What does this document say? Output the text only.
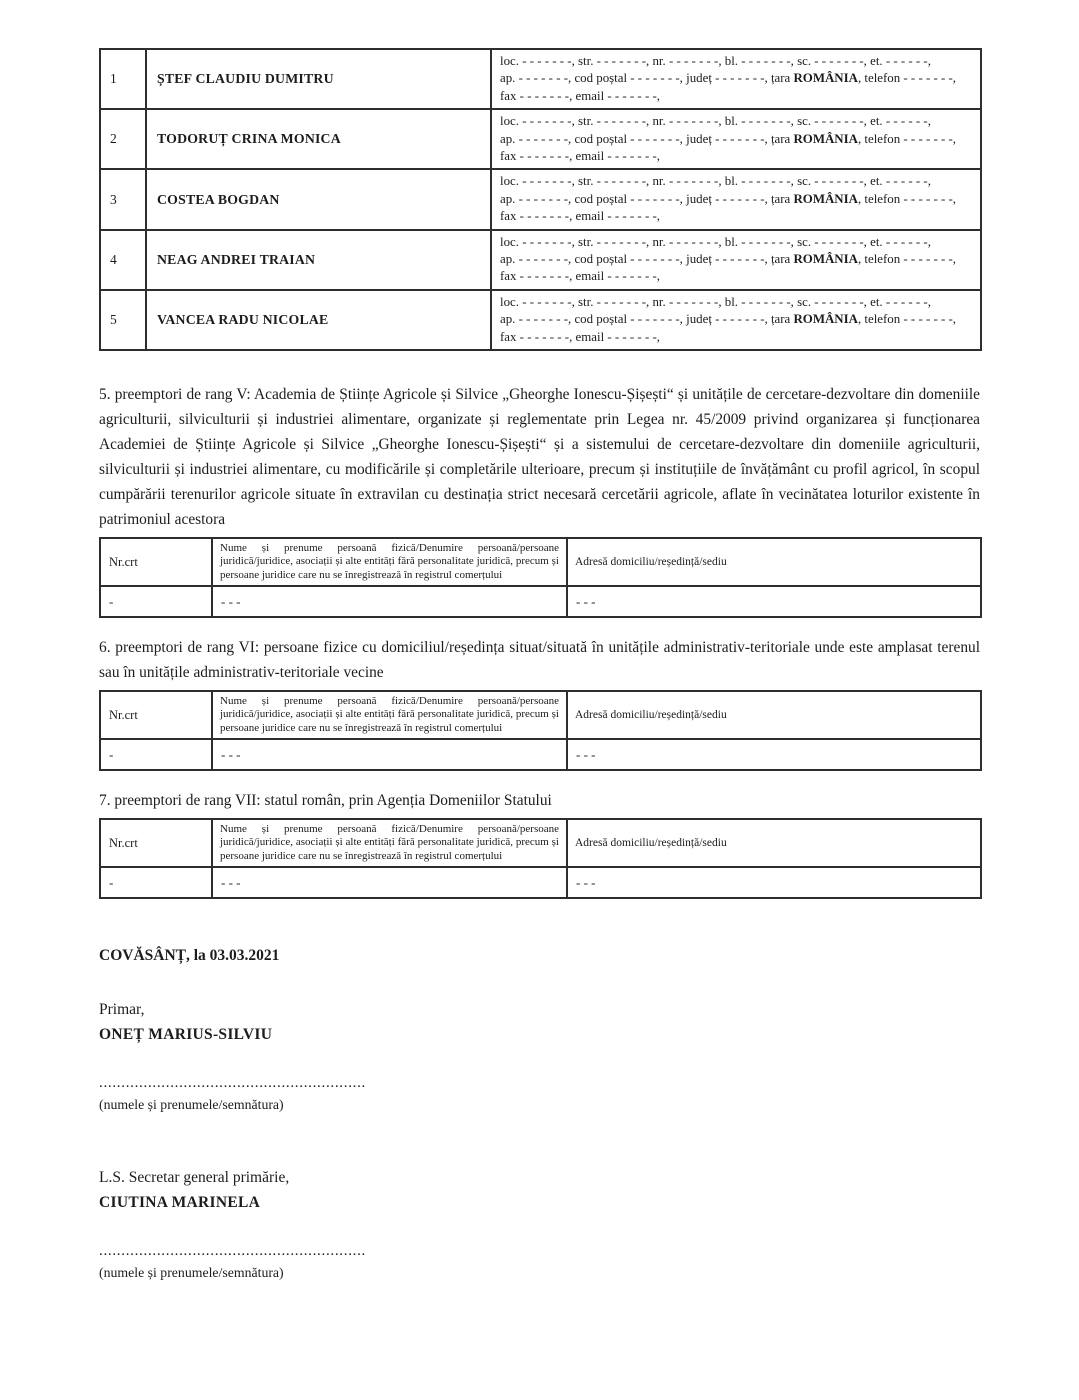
1	ȘTEF CLAUDIU DUMITRU	loc. - - - - - - -, str. - - - - - - -, nr. - - - - - - -, bl. - - - - - - -, sc. - - - - - - -, et. - - - - - -,
ap. - - - - - - -, cod poștal - - - - - - -, județ - - - - - - -, țara ROMÂNIA, telefon - - - - - - -,
fax - - - - - - -, email - - - - - - -,

2	TODORUȚ CRINA MONICA	loc. - - - - - - -, str. - - - - - - -, nr. - - - - - - -, bl. - - - - - - -, sc. - - - - - - -, et. - - - - - -,
ap. - - - - - - -, cod poștal - - - - - - -, județ - - - - - - -, țara ROMÂNIA, telefon - - - - - - -,
fax - - - - - - -, email - - - - - - -,

3	COSTEA BOGDAN	loc. - - - - - - -, str. - - - - - - -, nr. - - - - - - -, bl. - - - - - - -, sc. - - - - - - -, et. - - - - - -,
ap. - - - - - - -, cod poștal - - - - - - -, județ - - - - - - -, țara ROMÂNIA, telefon - - - - - - -,
fax - - - - - - -, email - - - - - - -,

4	NEAG ANDREI TRAIAN	loc. - - - - - - -, str. - - - - - - -, nr. - - - - - - -, bl. - - - - - - -, sc. - - - - - - -, et. - - - - - -,
ap. - - - - - - -, cod poștal - - - - - - -, județ - - - - - - -, țara ROMÂNIA, telefon - - - - - - -,
fax - - - - - - -, email - - - - - - -,

5	VANCEA RADU NICOLAE	loc. - - - - - - -, str. - - - - - - -, nr. - - - - - - -, bl. - - - - - - -, sc. - - - - - - -, et. - - - - - -,
ap. - - - - - - -, cod poștal - - - - - - -, județ - - - - - - -, țara ROMÂNIA, telefon - - - - - - -,
fax - - - - - - -, email - - - - - - -,

5. preemptori de rang V: Academia de Științe Agricole și Silvice „Gheorghe Ionescu-Șișești“ și unitățile de cercetare-dezvoltare din domeniile agriculturii, silviculturii și industriei alimentare, organizate și reglementate prin Legea nr. 45/2009 privind organizarea și funcționarea Academiei de Științe Agricole și Silvice „Gheorghe Ionescu-Șișești“ și a sistemului de cercetare-dezvoltare din domeniile agriculturii, silviculturii și industriei alimentare, cu modificările și completările ulterioare, precum și instituțiile de învățământ cu profil agricol, în scopul cumpărării terenurilor agricole situate în extravilan cu destinația strict necesară cercetării agricole, aflate în vecinătatea loturilor existente în patrimoniul acestora

Nr.crt	Nume și prenume persoană fizică/Denumire persoană/persoane juridică/juridice, asociații și alte entități fără personalitate juridică, precum și persoane juridice care nu se înregistrează în registrul comerțului	Adresă domiciliu/reședință/sediu
-	- - -	- - -

6. preemptori de rang VI: persoane fizice cu domiciliul/reședința situat/situată în unitățile administrativ-teritoriale unde este amplasat terenul sau în unitățile administrativ-teritoriale vecine

Nr.crt	Nume și prenume persoană fizică/Denumire persoană/persoane juridică/juridice, asociații și alte entități fără personalitate juridică, precum și persoane juridice care nu se înregistrează în registrul comerțului	Adresă domiciliu/reședință/sediu
-	- - -	- - -

7. preemptori de rang VII: statul român, prin Agenția Domeniilor Statului

Nr.crt	Nume și prenume persoană fizică/Denumire persoană/persoane juridică/juridice, asociații și alte entități fără personalitate juridică, precum și persoane juridice care nu se înregistrează în registrul comerțului	Adresă domiciliu/reședință/sediu
-	- - -	- - -

COVĂSÂNȚ, la 03.03.2021

Primar,

ONEȚ MARIUS-SILVIU

............................................................

(numele și prenumele/semnătura)

L.S. Secretar general primărie,

CIUTINA MARINELA

............................................................

(numele și prenumele/semnătura)
